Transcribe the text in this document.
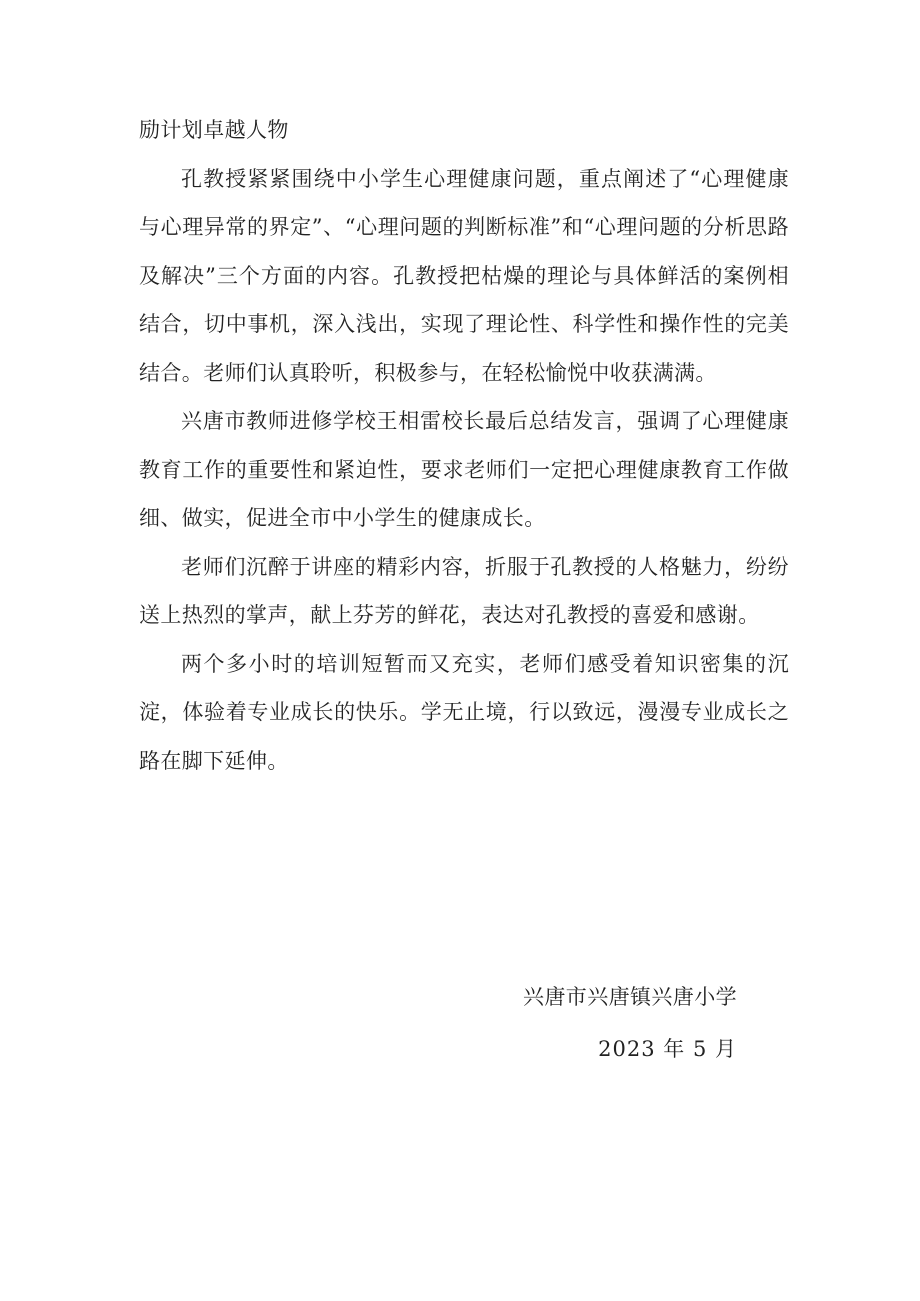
励计划卓越人物

孔教授紧紧围绕中小学生心理健康问题，重点阐述了“心理健康与心理异常的界定”、“心理问题的判断标准”和“心理问题的分析思路及解决”三个方面的内容。孔教授把枯燥的理论与具体鲜活的案例相结合，切中事机，深入浅出，实现了理论性、科学性和操作性的完美结合。老师们认真聆听，积极参与，在轻松愉悦中收获满满。

兴唐市教师进修学校王相雷校长最后总结发言，强调了心理健康教育工作的重要性和紧迫性，要求老师们一定把心理健康教育工作做细、做实，促进全市中小学生的健康成长。

老师们沉醉于讲座的精彩内容，折服于孔教授的人格魅力，纷纷送上热烈的掌声，献上芬芳的鲜花，表达对孔教授的喜爱和感谢。

两个多小时的培训短暂而又充实，老师们感受着知识密集的沉淀，体验着专业成长的快乐。学无止境，行以致远，漫漫专业成长之路在脚下延伸。

兴唐市兴唐镇兴唐小学
2023 年 5 月
